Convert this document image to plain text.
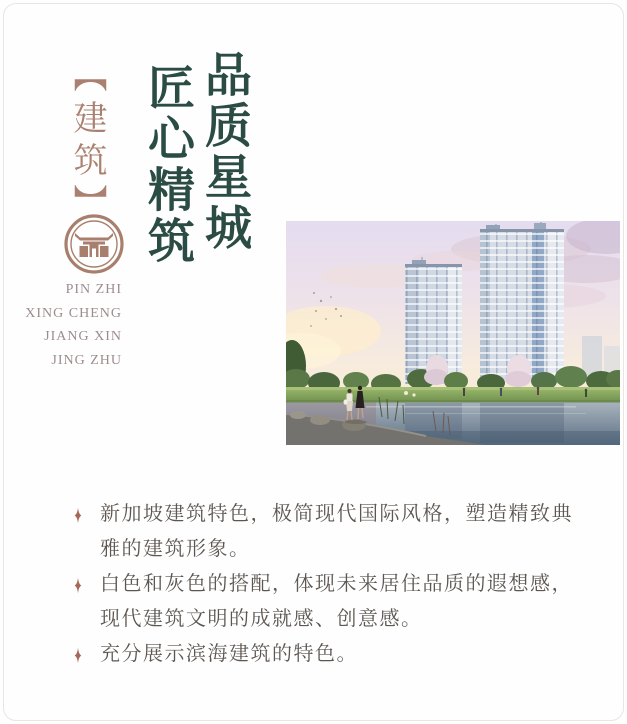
【建筑】
PIN ZHI
XING CHENG
JIANG XIN
JING ZHU
品质星城
匠心精筑

新加坡建筑特色，极简现代国际风格，塑造精致典雅的建筑形象。

白色和灰色的搭配，体现未来居住品质的遐想感，现代建筑文明的成就感、创意感。

充分展示滨海建筑的特色。
